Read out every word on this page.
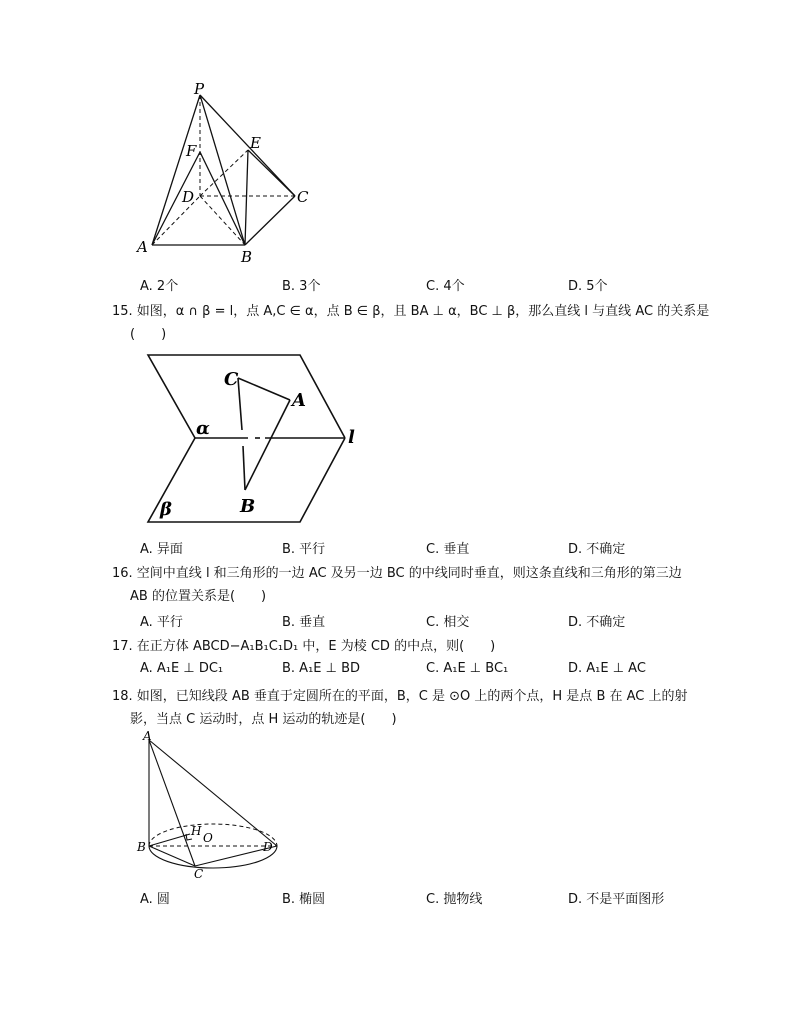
P
E
F
D	C
A
B
A. 2个	B. 3个	C. 4个	D. 5个
15. 如图，α ∩ β = l，点 A,C ∈ α，点 B ∈ β，且 BA ⊥ α，BC ⊥ β，那么直线 l 与直线 AC 的关系是
(　　)
C
A
α	l
β	B
A. 异面	B. 平行	C. 垂直	D. 不确定
16. 空间中直线 l 和三角形的一边 AC 及另一边 BC 的中线同时垂直，则这条直线和三角形的第三边
AB 的位置关系是(　　)
A. 平行	B. 垂直	C. 相交	D. 不确定
17. 在正方体 ABCD−A₁B₁C₁D₁ 中，E 为棱 CD 的中点，则(　　)
A. A₁E ⊥ DC₁	B. A₁E ⊥ BD	C. A₁E ⊥ BC₁	D. A₁E ⊥ AC
18. 如图，已知线段 AB 垂直于定圆所在的平面，B，C 是 ⊙O 上的两个点，H 是点 B 在 AC 上的射
影，当点 C 运动时，点 H 运动的轨迹是(　　)
A
H O
B	D
C
A. 圆	B. 椭圆	C. 抛物线	D. 不是平面图形
